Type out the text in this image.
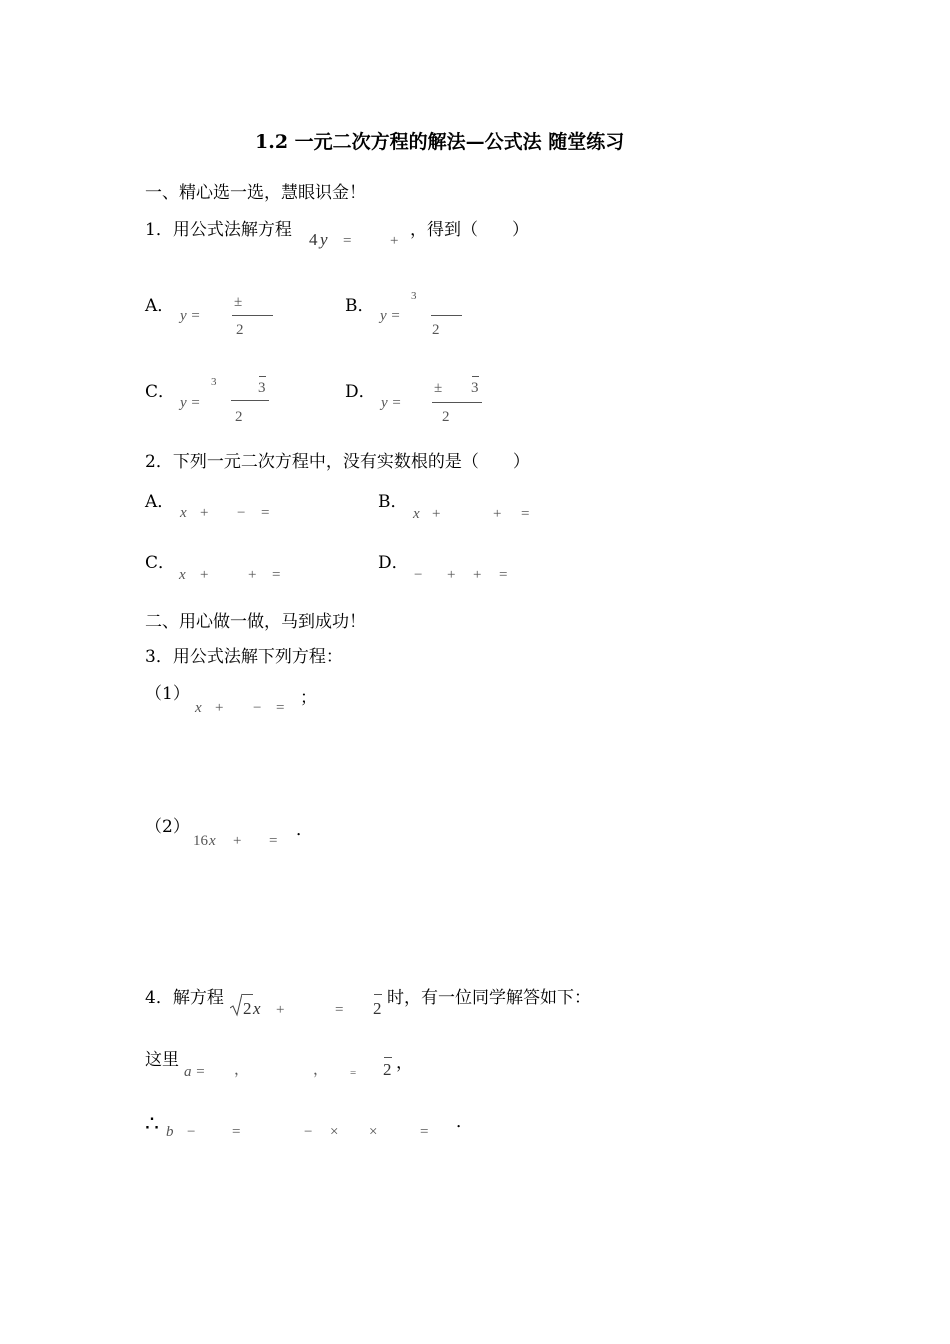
1.2 一元二次方程的解法—公式法 随堂练习
一、精心选一选，慧眼识金！
1．用公式法解方程 4 y =	+
，得到（　　）
A． y =
±
2
B． y =
3
2
C．
y =
3	3
2
D．
y =
± 3
2
2．下列一元二次方程中，没有实数根的是（　　）
A．
x + − =
B．
x +	+ =
C．
x +	+ =
D．
− + + =
二、用心做一做，马到成功！
3．用公式法解下列方程：
（1）
x + − = ；
（2）
16 x + =
．
4．解方程
2 x +	= 2
时，有一位同学解答如下：
这里
a = ，	， = 2 ，
∴ b − =	− × ×	= ．
